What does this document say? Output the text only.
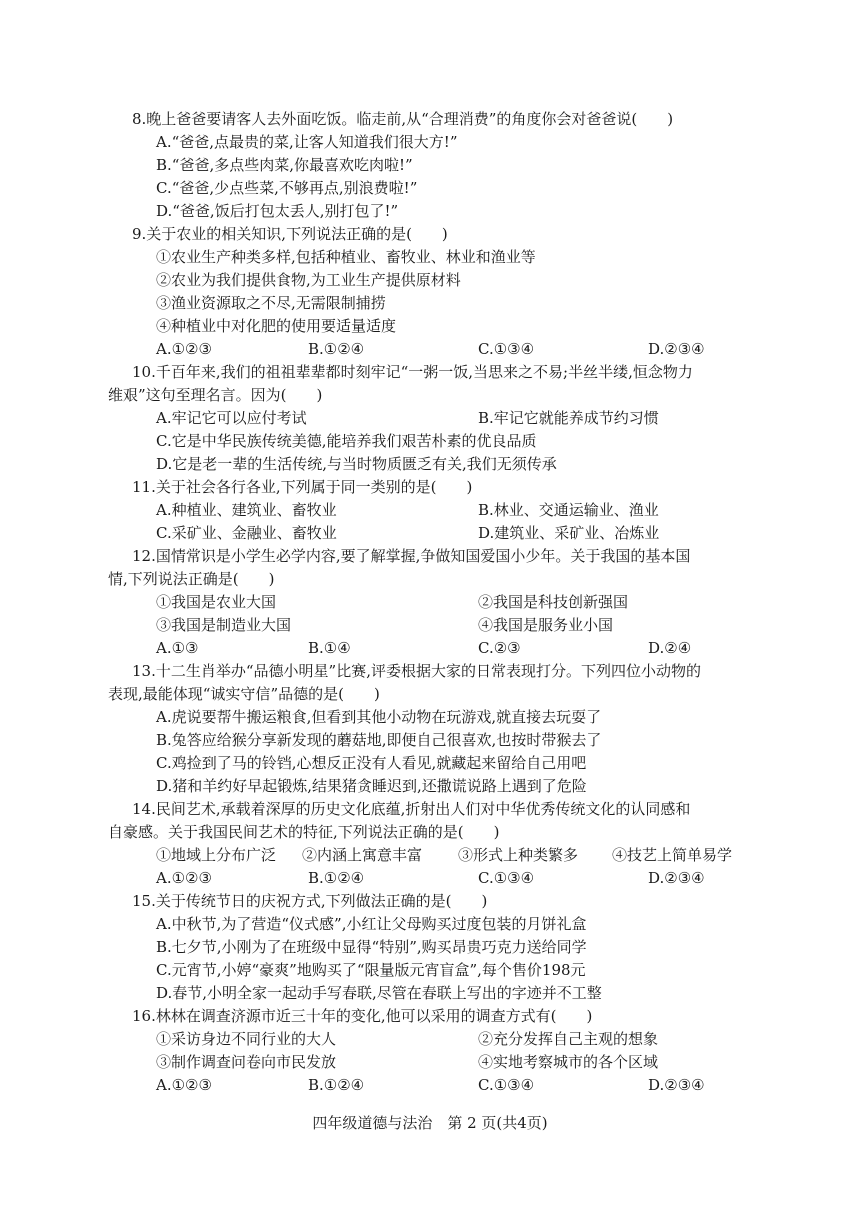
8.晚上爸爸要请客人去外面吃饭。临走前,从“合理消费”的角度你会对爸爸说(　　)
A.“爸爸,点最贵的菜,让客人知道我们很大方!”
B.“爸爸,多点些肉菜,你最喜欢吃肉啦!”
C.“爸爸,少点些菜,不够再点,别浪费啦!”
D.“爸爸,饭后打包太丢人,别打包了!”
9.关于农业的相关知识,下列说法正确的是(　　)
①农业生产种类多样,包括种植业、畜牧业、林业和渔业等
②农业为我们提供食物,为工业生产提供原材料
③渔业资源取之不尽,无需限制捕捞
④种植业中对化肥的使用要适量适度
A.①②③	B.①②④	C.①③④	D.②③④
10.千百年来,我们的祖祖辈辈都时刻牢记“一粥一饭,当思来之不易;半丝半缕,恒念物力
维艰”这句至理名言。因为(　　)
A.牢记它可以应付考试	B.牢记它就能养成节约习惯
C.它是中华民族传统美德,能培养我们艰苦朴素的优良品质
D.它是老一辈的生活传统,与当时物质匮乏有关,我们无须传承
11.关于社会各行各业,下列属于同一类别的是(　　)
A.种植业、建筑业、畜牧业	B.林业、交通运输业、渔业
C.采矿业、金融业、畜牧业	D.建筑业、采矿业、冶炼业
12.国情常识是小学生必学内容,要了解掌握,争做知国爱国小少年。关于我国的基本国
情,下列说法正确是(　　)
①我国是农业大国	②我国是科技创新强国
③我国是制造业大国	④我国是服务业小国
A.①③	B.①④	C.②③	D.②④
13.十二生肖举办“品德小明星”比赛,评委根据大家的日常表现打分。下列四位小动物的
表现,最能体现“诚实守信”品德的是(　　)
A.虎说要帮牛搬运粮食,但看到其他小动物在玩游戏,就直接去玩耍了
B.兔答应给猴分享新发现的蘑菇地,即便自己很喜欢,也按时带猴去了
C.鸡捡到了马的铃铛,心想反正没有人看见,就藏起来留给自己用吧
D.猪和羊约好早起锻炼,结果猪贪睡迟到,还撒谎说路上遇到了危险
14.民间艺术,承载着深厚的历史文化底蕴,折射出人们对中华优秀传统文化的认同感和
自豪感。关于我国民间艺术的特征,下列说法正确的是(　　)
①地域上分布广泛 ②内涵上寓意丰富 ③形式上种类繁多 ④技艺上简单易学
A.①②③	B.①②④	C.①③④	D.②③④
15.关于传统节日的庆祝方式,下列做法正确的是(　　)
A.中秋节,为了营造“仪式感”,小红让父母购买过度包装的月饼礼盒
B.七夕节,小刚为了在班级中显得“特别”,购买昂贵巧克力送给同学
C.元宵节,小婷“豪爽”地购买了“限量版元宵盲盒”,每个售价198元
D.春节,小明全家一起动手写春联,尽管在春联上写出的字迹并不工整
16.林林在调查济源市近三十年的变化,他可以采用的调查方式有(　　)
①采访身边不同行业的大人	②充分发挥自己主观的想象
③制作调查问卷向市民发放	④实地考察城市的各个区域
A.①②③	B.①②④	C.①③④	D.②③④
四年级道德与法治　第 2 页(共4页)
